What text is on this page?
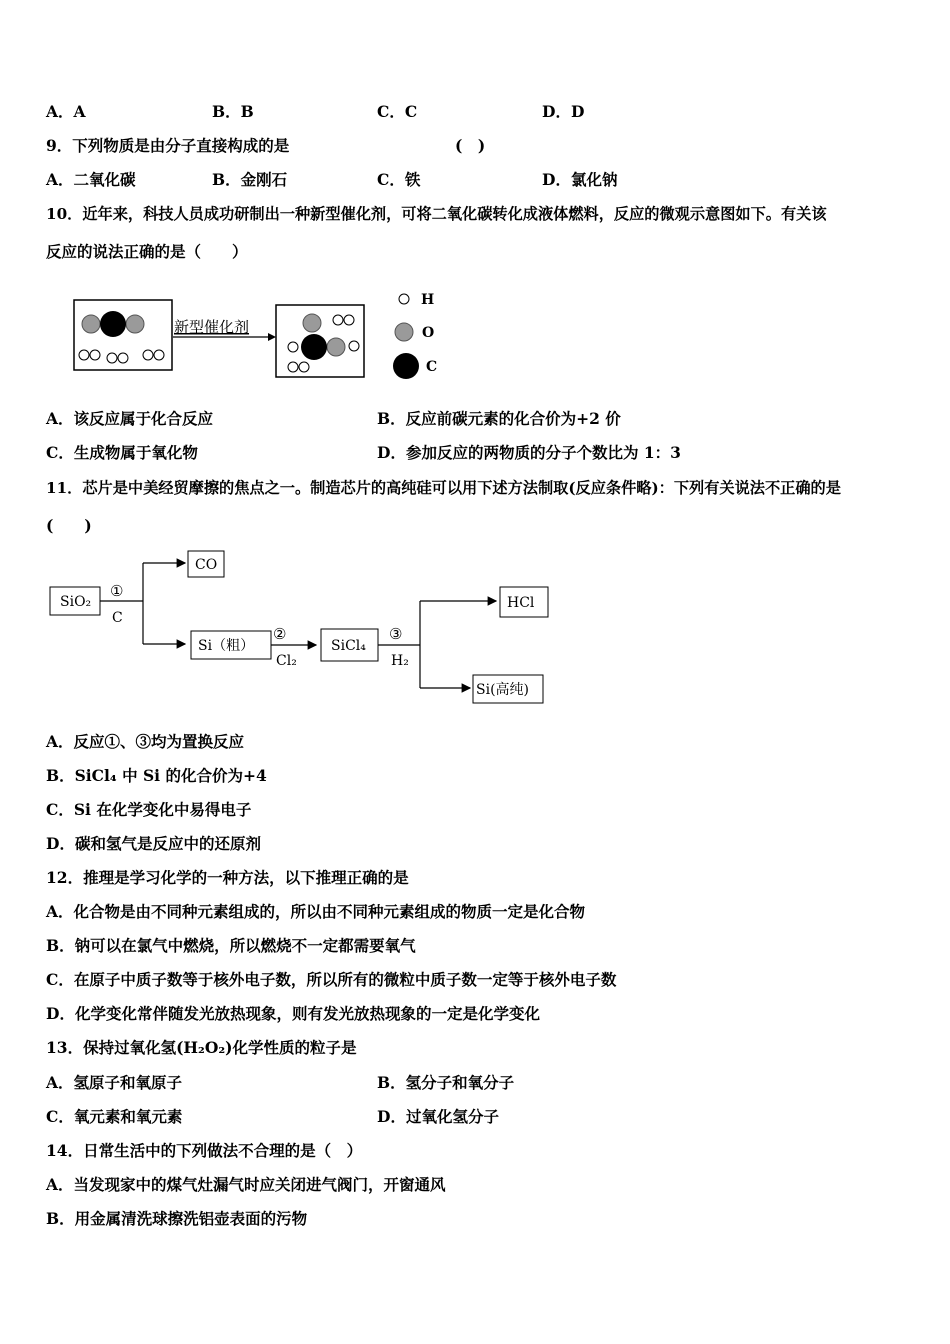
A．A	B．B	C．C	D．D
9．下列物质是由分子直接构成的是	(　)
A．二氧化碳	B．金刚石	C．铁	D．氯化钠
10．近年来，科技人员成功研制出一种新型催化剂，可将二氧化碳转化成液体燃料，反应的微观示意图如下。有关该
反应的说法正确的是（　　）
新型催化剂
H
O
C
A．该反应属于化合反应	B．反应前碳元素的化合价为+2 价
C．生成物属于氧化物	D．参加反应的两物质的分子个数比为 1：3
11．芯片是中美经贸摩擦的焦点之一。制造芯片的高纯硅可以用下述方法制取(反应条件略)：下列有关说法不正确的是
(　　)
SiO₂
①
C
CO
Si（粗）
②
Cl₂
SiCl₄
③
H₂
HCl
Si(高纯)
A．反应①、③均为置换反应
B．SiCl₄ 中 Si 的化合价为+4
C．Si 在化学变化中易得电子
D．碳和氢气是反应中的还原剂
12．推理是学习化学的一种方法，以下推理正确的是
A．化合物是由不同种元素组成的，所以由不同种元素组成的物质一定是化合物
B．钠可以在氯气中燃烧，所以燃烧不一定都需要氧气
C．在原子中质子数等于核外电子数，所以所有的微粒中质子数一定等于核外电子数
D．化学变化常伴随发光放热现象，则有发光放热现象的一定是化学变化
13．保持过氧化氢(H₂O₂)化学性质的粒子是
A．氢原子和氧原子	B．氢分子和氧分子
C．氧元素和氧元素	D．过氧化氢分子
14．日常生活中的下列做法不合理的是（　）
A．当发现家中的煤气灶漏气时应关闭进气阀门，开窗通风
B．用金属清洗球擦洗铝壶表面的污物
